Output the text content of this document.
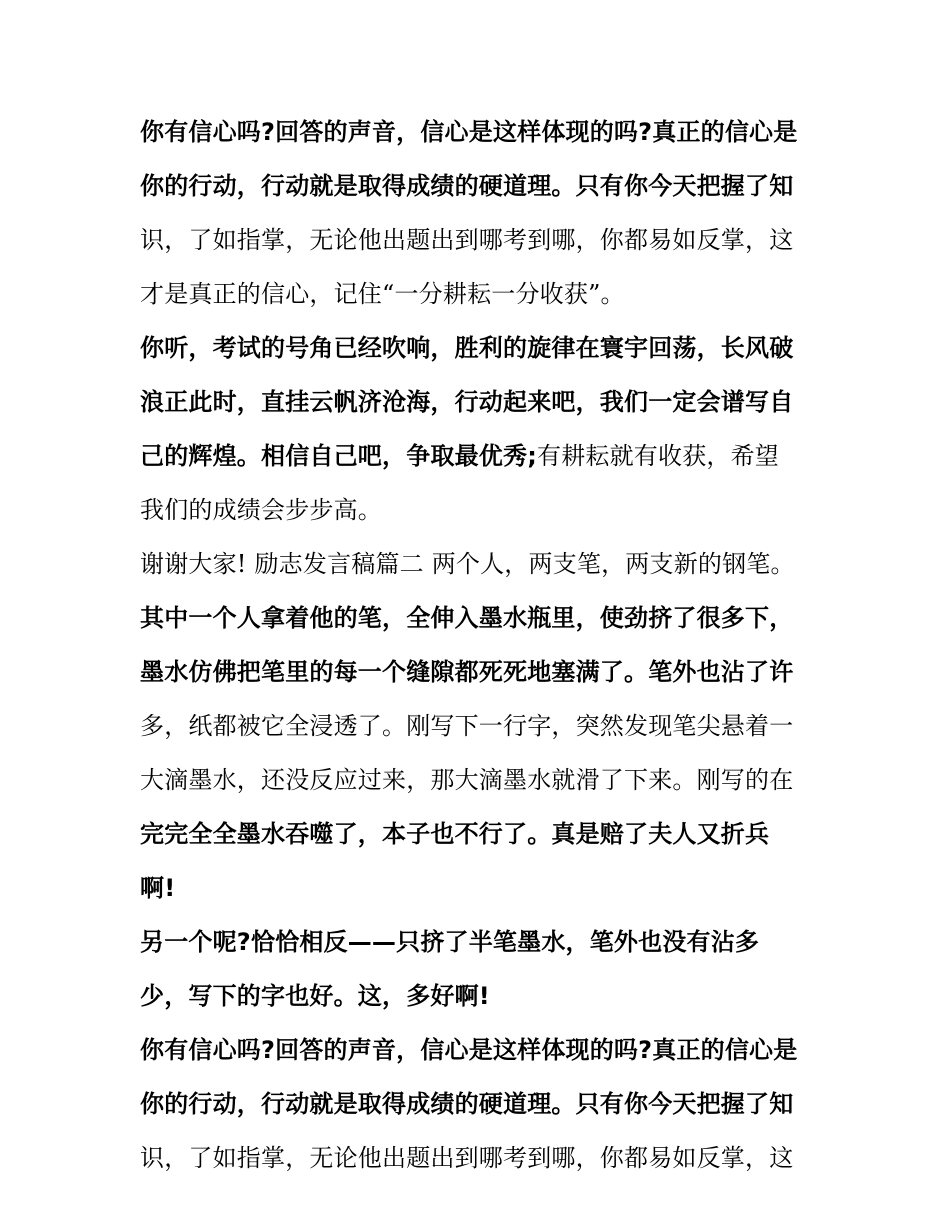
你有信心吗?回答的声音，信心是这样体现的吗?真正的信心是
你的行动，行动就是取得成绩的硬道理。只有你今天把握了知
识，了如指掌，无论他出题出到哪考到哪，你都易如反掌，这
才是真正的信心，记住“一分耕耘一分收获”。
你听，考试的号角已经吹响，胜利的旋律在寰宇回荡，长风破
浪正此时，直挂云帆济沧海，行动起来吧，我们一定会谱写自
己的辉煌。相信自己吧，争取最优秀;有耕耘就有收获，希望
我们的成绩会步步高。
谢谢大家! 励志发言稿篇二 两个人，两支笔，两支新的钢笔。
其中一个人拿着他的笔，全伸入墨水瓶里，使劲挤了很多下，
墨水仿佛把笔里的每一个缝隙都死死地塞满了。笔外也沾了许
多，纸都被它全浸透了。刚写下一行字，突然发现笔尖悬着一
大滴墨水，还没反应过来，那大滴墨水就滑了下来。刚写的在
完完全全墨水吞噬了，本子也不行了。真是赔了夫人又折兵
啊!
另一个呢?恰恰相反——只挤了半笔墨水，笔外也没有沾多
少，写下的字也好。这，多好啊!
你有信心吗?回答的声音，信心是这样体现的吗?真正的信心是
你的行动，行动就是取得成绩的硬道理。只有你今天把握了知
识，了如指掌，无论他出题出到哪考到哪，你都易如反掌，这
